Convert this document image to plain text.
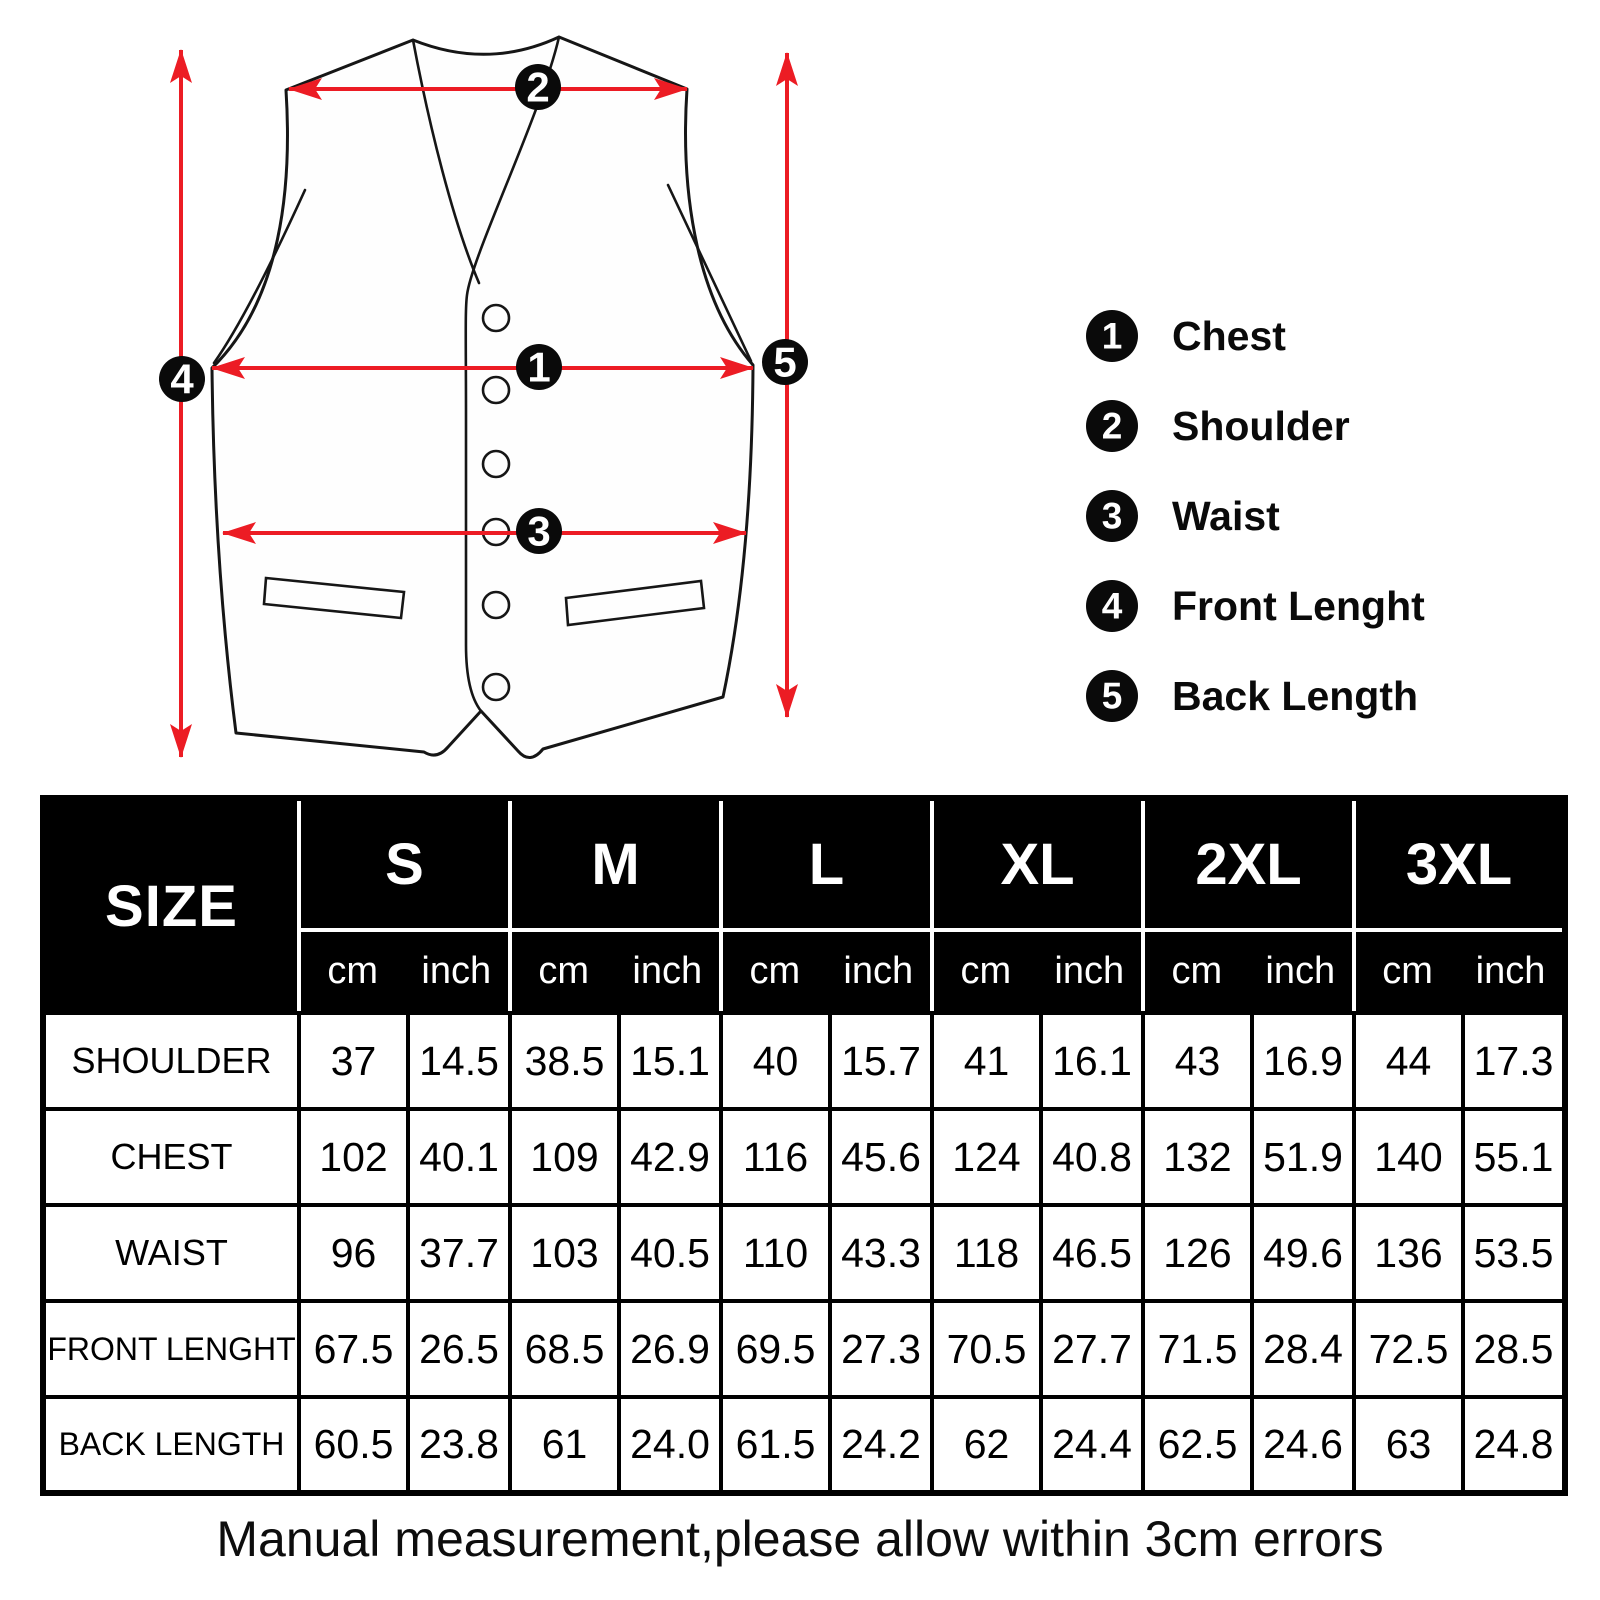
1
2
3
4	5
1 Chest
2 Shoulder
3 Waist
4 Front Lenght
5 Back Length
SIZE	S		M		L		XL		2XL		3XL	

	cm inch		cm inch		cm inch		cm inch		cm inch		cm inch	

SHOULDER	37	14.5	38.5	15.1	40	15.7	41	16.1	43	16.9	44	17.3
CHEST	102	40.1	109	42.9	116	45.6	124	40.8	132	51.9	140	55.1
WAIST	96	37.7	103	40.5	110	43.3	118	46.5	126	49.6	136	53.5
FRONT LENGHT	67.5	26.5	68.5	26.9	69.5	27.3	70.5	27.7	71.5	28.4	72.5	28.5
BACK LENGTH	60.5	23.8	61	24.0	61.5	24.2	62	24.4	62.5	24.6	63	24.8
Manual measurement,please allow within 3cm errors
